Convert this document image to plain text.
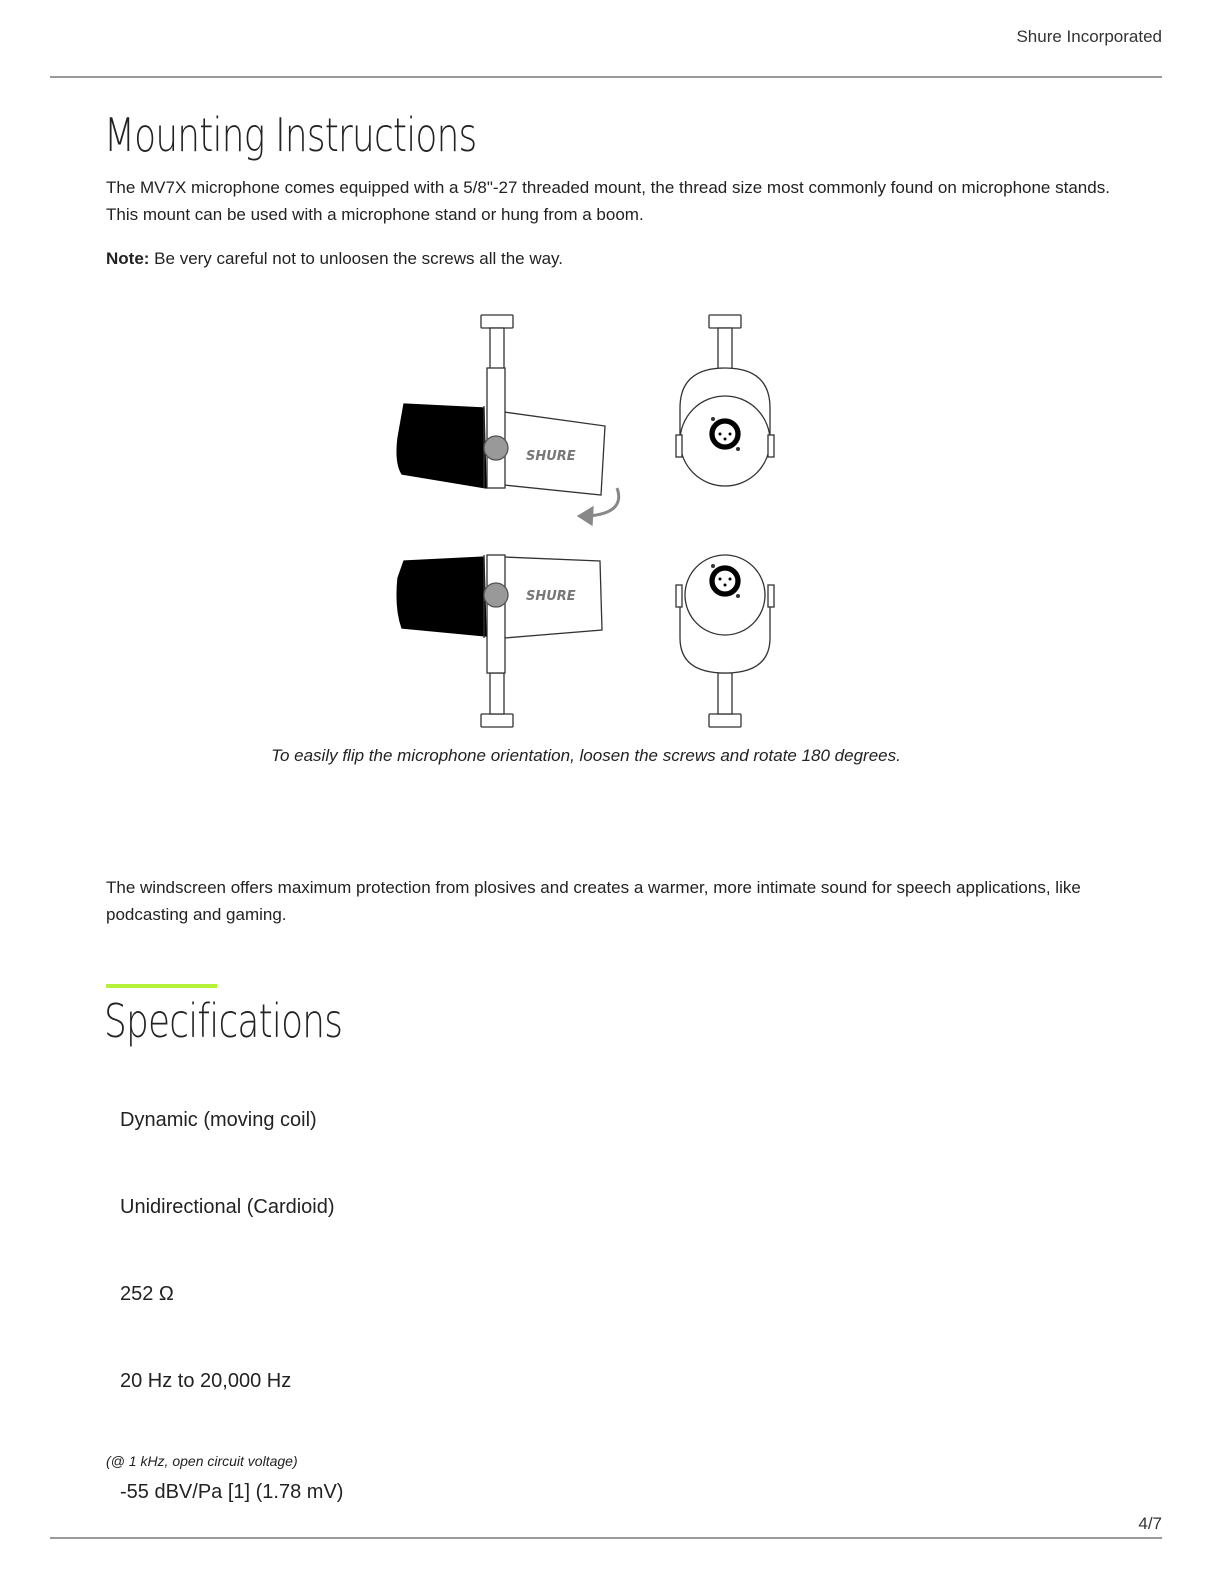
Shure Incorporated
Mounting Instructions
The MV7X microphone comes equipped with a 5/8"-27 threaded mount, the thread size most commonly found on microphone stands. This mount can be used with a microphone stand or hung from a boom.
Note: Be very careful not to unloosen the screws all the way.
SHURE
SHURE
To easily flip the microphone orientation, loosen the screws and rotate 180 degrees.
The windscreen offers maximum protection from plosives and creates a warmer, more intimate sound for speech applications, like podcasting and gaming.
Specifications
Dynamic (moving coil)
Unidirectional (Cardioid)
252 Ω
20 Hz to 20,000 Hz
(@ 1 kHz, open circuit voltage)
-55 dBV/Pa [1] (1.78 mV)
4/7
